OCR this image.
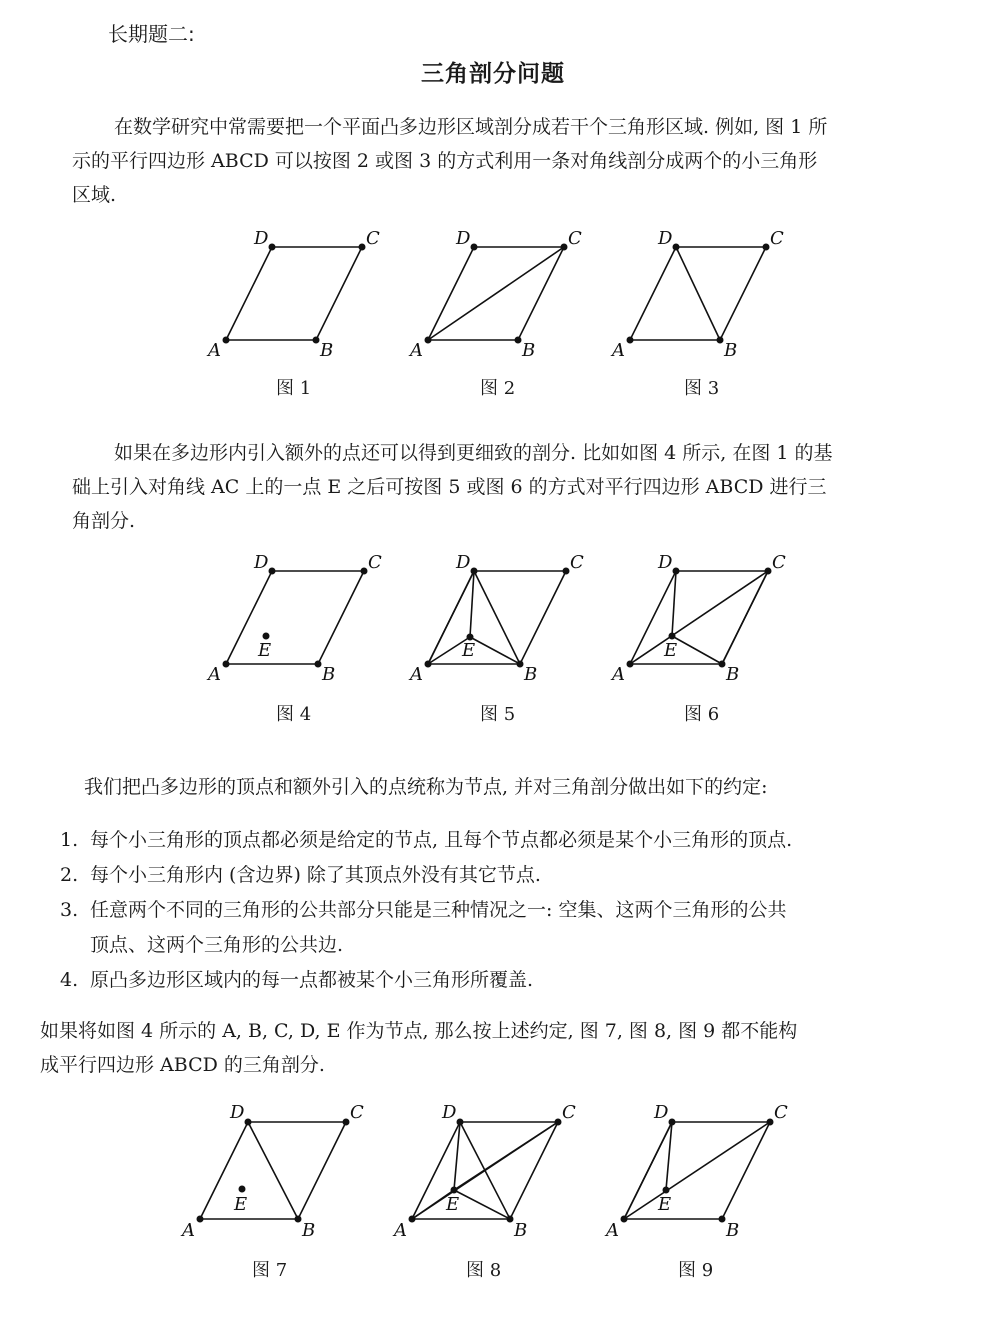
长期题二:
三角剖分问题
在数学研究中常需要把一个平面凸多边形区域剖分成若干个三角形区域. 例如, 图 1 所
示的平行四边形 ABCD 可以按图 2 或图 3 的方式利用一条对角线剖分成两个的小三角形
区域.
A	B
C
D
A	B
C
D
A	B
C
D
图 1	图 2	图 3
如果在多边形内引入额外的点还可以得到更细致的剖分. 比如如图 4 所示, 在图 1 的基
础上引入对角线 AC 上的一点 E 之后可按图 5 或图 6 的方式对平行四边形 ABCD 进行三
角剖分.
A	B
C
D
E
A	B
C
D
E
A	B
C
D
E
图 4	图 5	图 6
我们把凸多边形的顶点和额外引入的点统称为节点, 并对三角剖分做出如下的约定:
1. 每个小三角形的顶点都必须是给定的节点, 且每个节点都必须是某个小三角形的顶点.
2. 每个小三角形内 (含边界) 除了其顶点外没有其它节点.
3. 任意两个不同的三角形的公共部分只能是三种情况之一: 空集、这两个三角形的公共
顶点、这两个三角形的公共边.
4. 原凸多边形区域内的每一点都被某个小三角形所覆盖.
如果将如图 4 所示的 A, B, C, D, E 作为节点, 那么按上述约定, 图 7, 图 8, 图 9 都不能构
成平行四边形 ABCD 的三角剖分.
A	B
C
D
E
A	B
C
D
E
A	B
C
D
E
图 7	图 8	图 9
